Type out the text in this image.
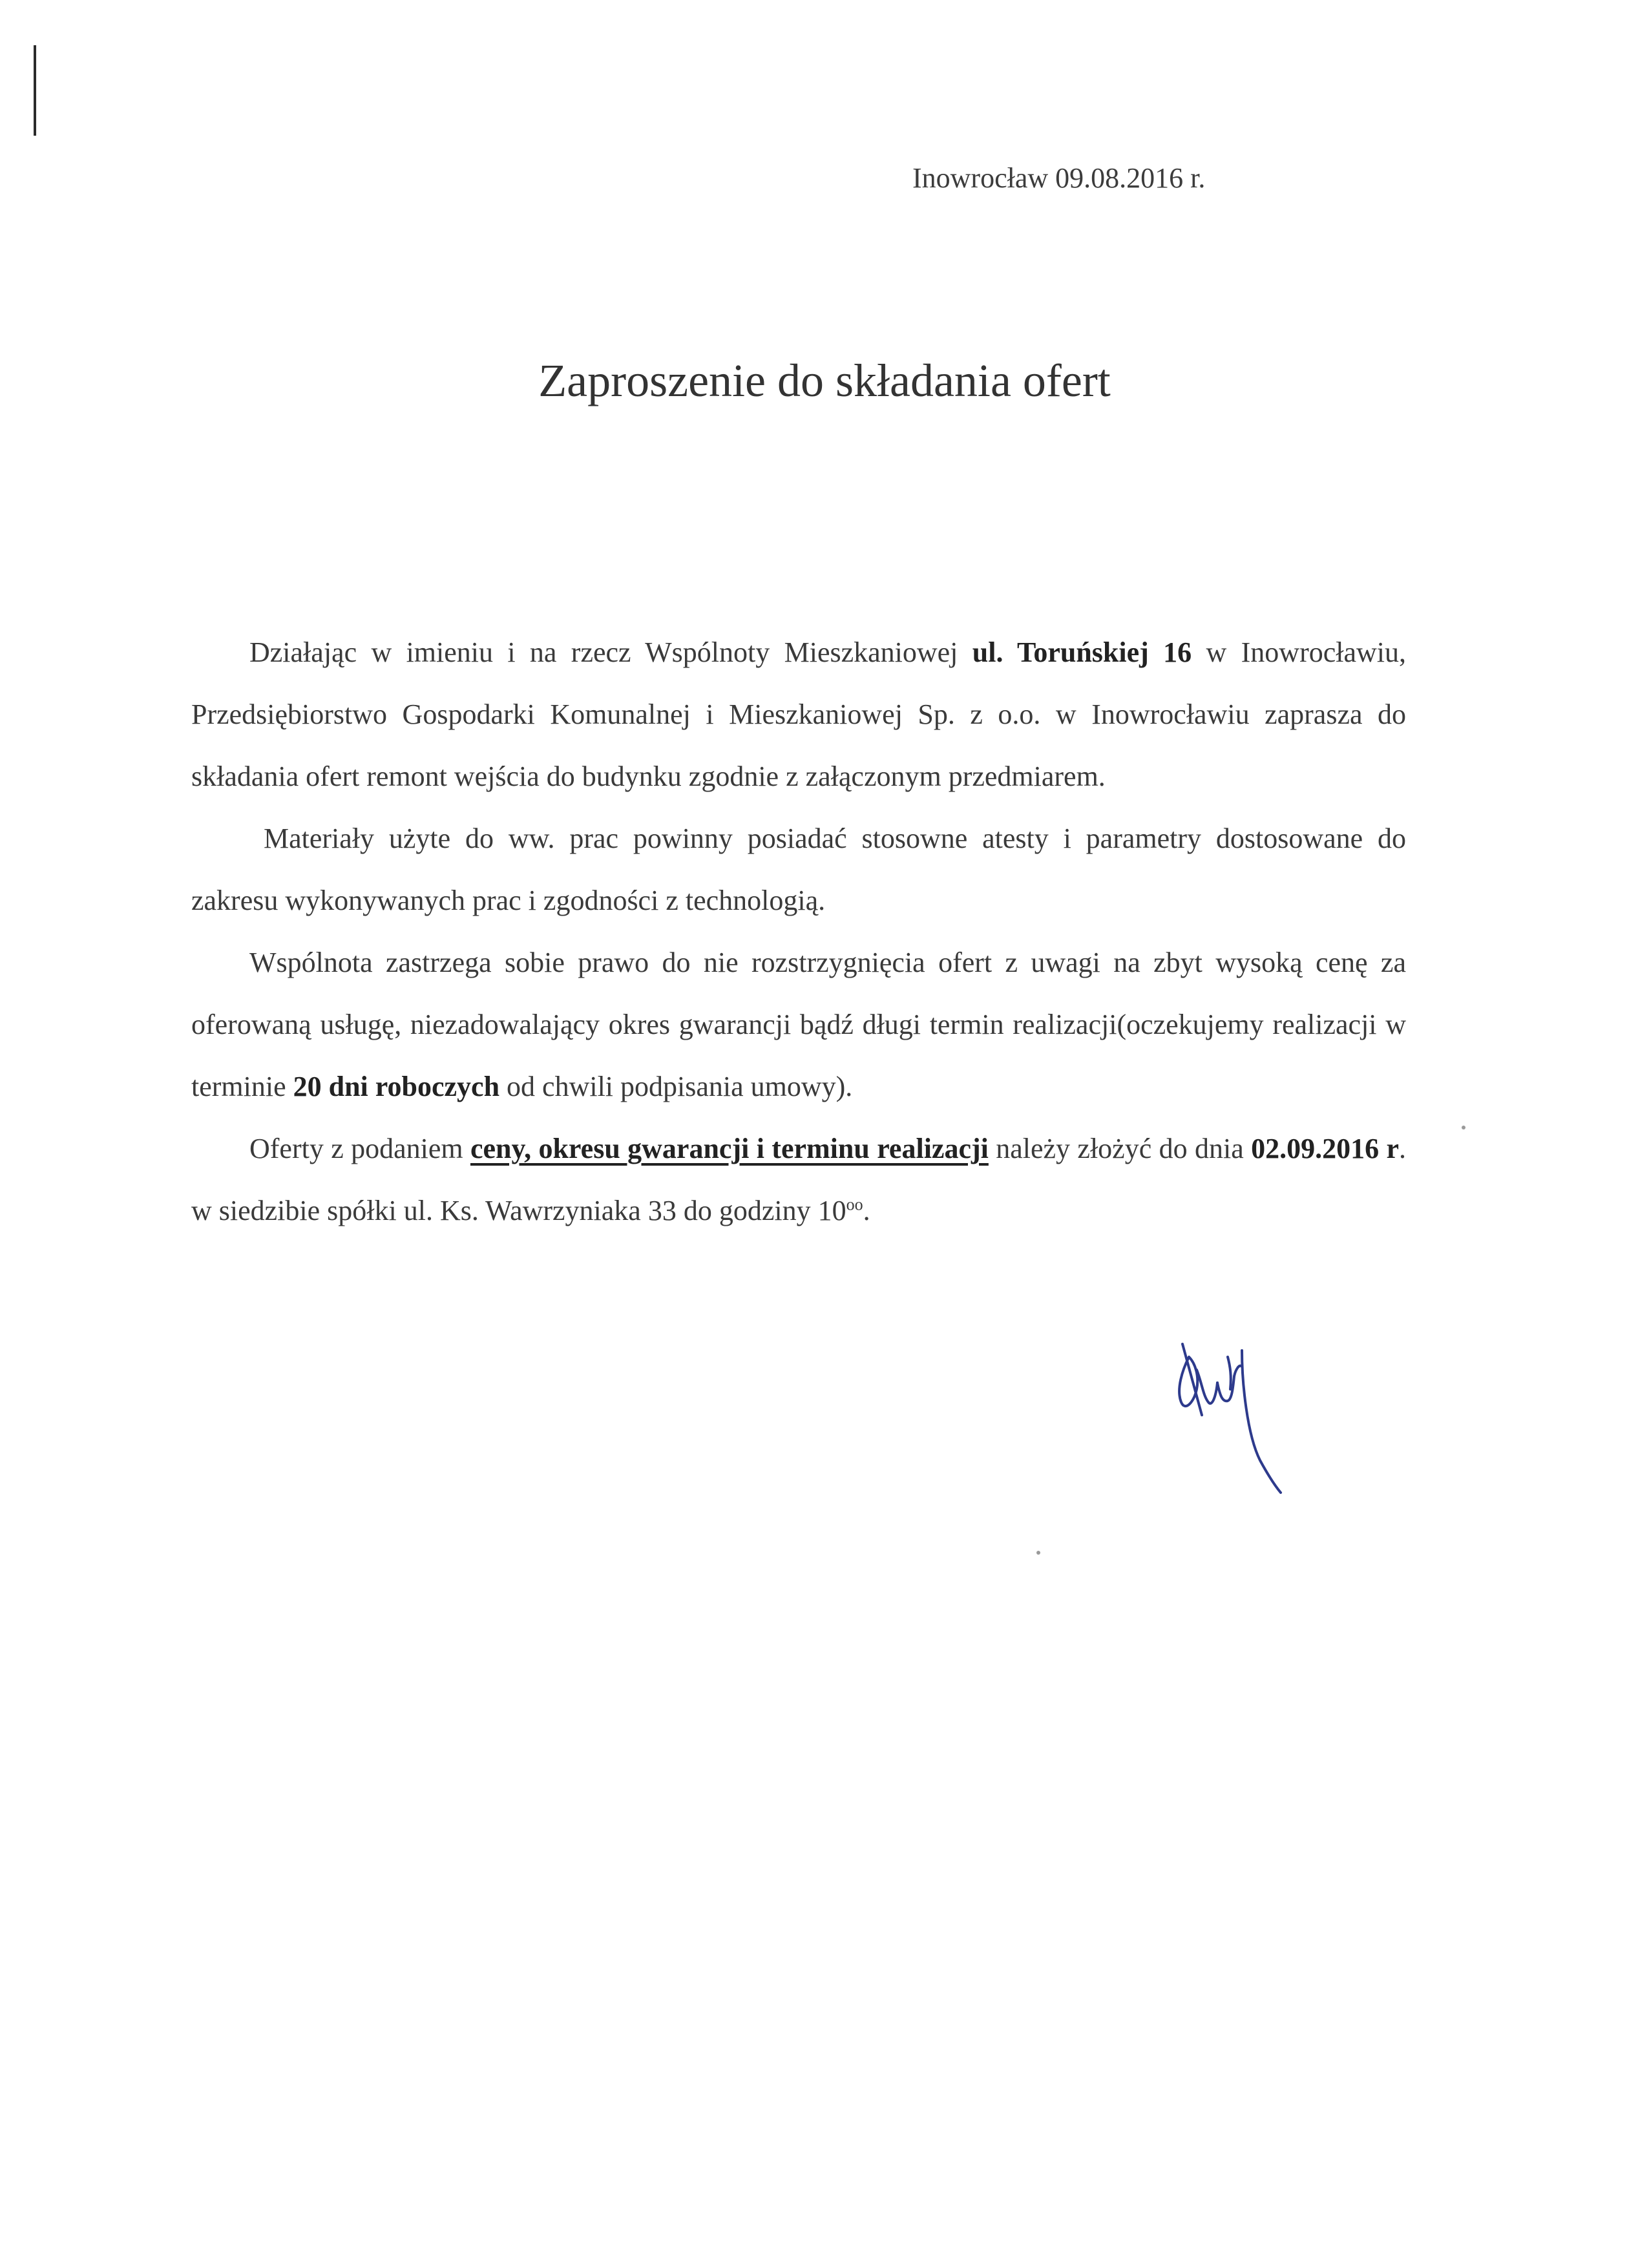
Inowrocław 09.08.2016 r.
Zaproszenie do składania ofert

Działając w imieniu i na rzecz Wspólnoty Mieszkaniowej ul. Toruńskiej 16 w Inowrocławiu, Przedsiębiorstwo Gospodarki Komunalnej i Mieszkaniowej Sp. z o.o. w Inowrocławiu zaprasza do składania ofert remont wejścia do budynku zgodnie z załączonym przedmiarem.

Materiały użyte do ww. prac powinny posiadać stosowne atesty i parametry dostosowane do zakresu wykonywanych prac i zgodności z technologią.

Wspólnota zastrzega sobie prawo do nie rozstrzygnięcia ofert z uwagi na zbyt wysoką cenę za oferowaną usługę, niezadowalający okres gwarancji bądź długi termin realizacji(oczekujemy realizacji w terminie 20 dni roboczych od chwili podpisania umowy).

Oferty z podaniem ceny, okresu gwarancji i terminu realizacji należy złożyć do dnia 02.09.2016 r. w siedzibie spółki ul. Ks. Wawrzyniaka 33 do godziny $10^{oo}$.
